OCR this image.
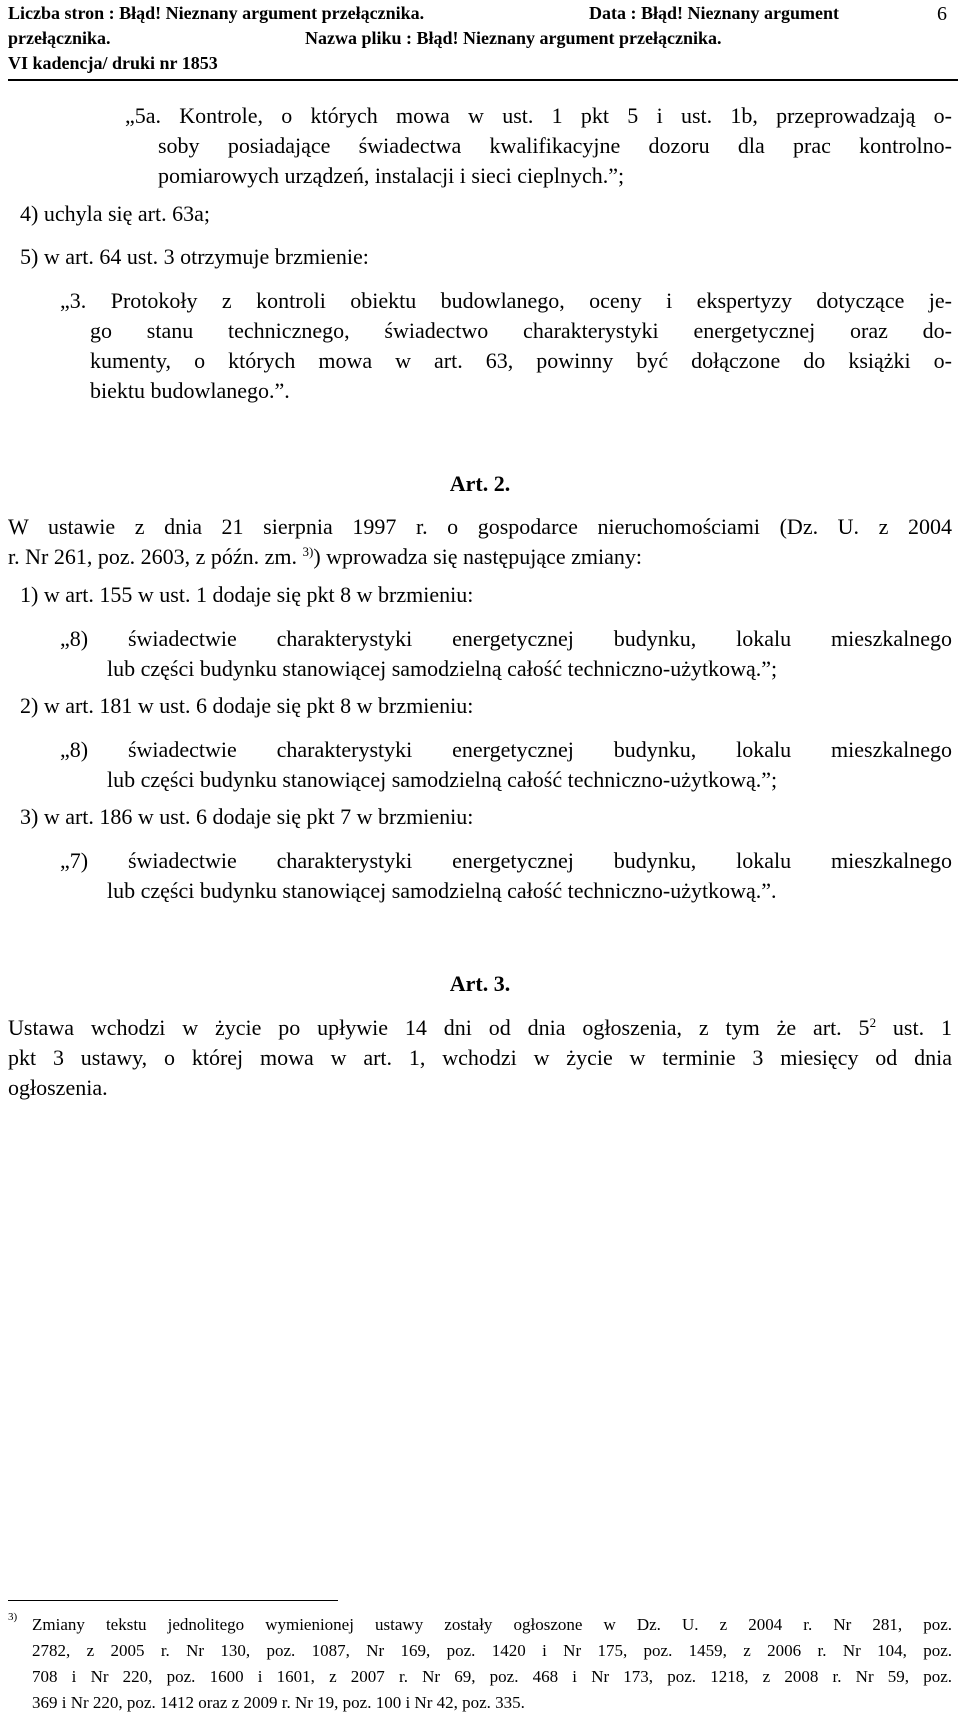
Liczba stron : Błąd! Nieznany argument przełącznika.	Data : Błąd! Nieznany argument	6
przełącznika.	Nazwa pliku : Błąd! Nieznany argument przełącznika.
VI kadencja/ druki nr 1853
„5a. Kontrole, o których mowa w ust. 1 pkt 5 i ust. 1b, przeprowadzają o-
soby posiadające świadectwa kwalifikacyjne dozoru dla prac kontrolno-
pomiarowych urządzeń, instalacji i sieci cieplnych.”;
4) uchyla się art. 63a;
5) w art. 64 ust. 3 otrzymuje brzmienie:
„3. Protokoły z kontroli obiektu budowlanego, oceny i ekspertyzy dotyczące je-
go stanu technicznego, świadectwo charakterystyki energetycznej oraz do-
kumenty, o których mowa w art. 63, powinny być dołączone do książki o-
biektu budowlanego.”.
Art. 2.
W ustawie z dnia 21 sierpnia 1997 r. o gospodarce nieruchomościami (Dz. U. z 2004
r. Nr 261, poz. 2603, z późn. zm. $^{3)}$) wprowadza się następujące zmiany:
1) w art. 155 w ust. 1 dodaje się pkt 8 w brzmieniu:
„8) świadectwie charakterystyki energetycznej budynku, lokalu mieszkalnego
lub części budynku stanowiącej samodzielną całość techniczno-użytkową.”;
2) w art. 181 w ust. 6 dodaje się pkt 8 w brzmieniu:
„8) świadectwie charakterystyki energetycznej budynku, lokalu mieszkalnego
lub części budynku stanowiącej samodzielną całość techniczno-użytkową.”;
3) w art. 186 w ust. 6 dodaje się pkt 7 w brzmieniu:
„7) świadectwie charakterystyki energetycznej budynku, lokalu mieszkalnego
lub części budynku stanowiącej samodzielną całość techniczno-użytkową.”.
Art. 3.
Ustawa wchodzi w życie po upływie 14 dni od dnia ogłoszenia, z tym że art. $5^2$ ust. 1
pkt 3 ustawy, o której mowa w art. 1, wchodzi w życie w terminie 3 miesięcy od dnia
ogłoszenia.
3) Zmiany tekstu jednolitego wymienionej ustawy zostały ogłoszone w Dz. U. z 2004 r. Nr 281, poz.
2782, z 2005 r. Nr 130, poz. 1087, Nr 169, poz. 1420 i Nr 175, poz. 1459, z 2006 r. Nr 104, poz.
708 i Nr 220, poz. 1600 i 1601, z 2007 r. Nr 69, poz. 468 i Nr 173, poz. 1218, z 2008 r. Nr 59, poz.
369 i Nr 220, poz. 1412 oraz z 2009 r. Nr 19, poz. 100 i Nr 42, poz. 335.
